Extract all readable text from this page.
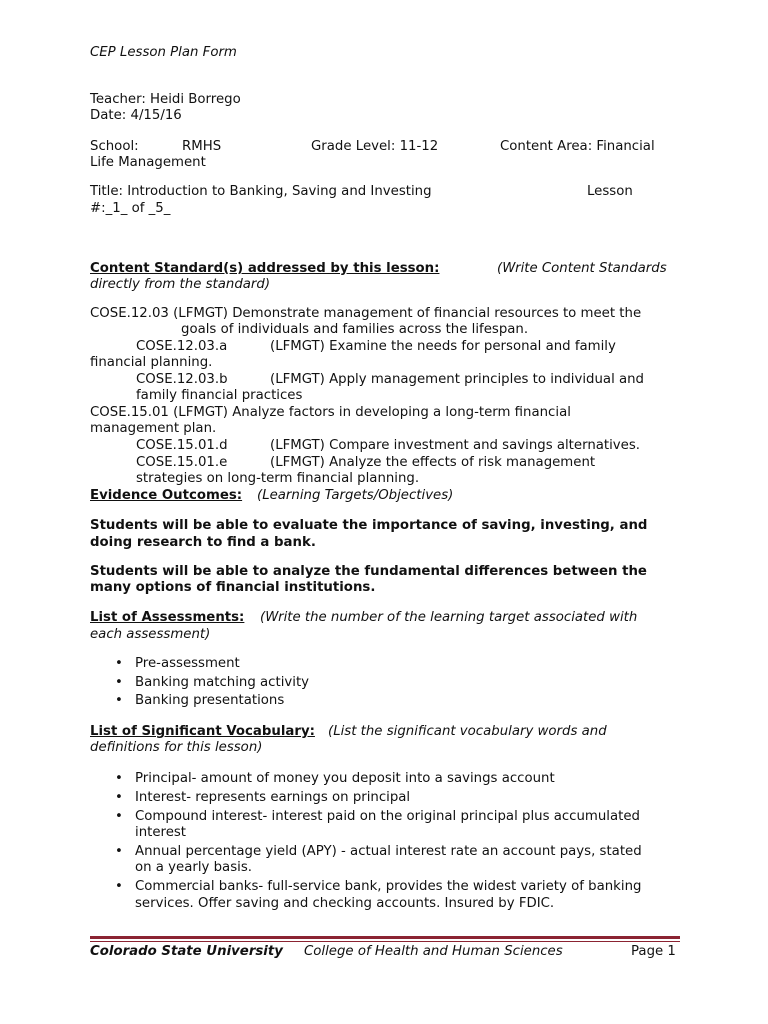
CEP Lesson Plan Form
Teacher: Heidi Borrego
Date: 4/15/16
School:	RMHS	Grade Level: 11-12	Content Area: Financial
Life Management
Title: Introduction to Banking, Saving and Investing	Lesson
#:_1_ of _5_
Content Standard(s) addressed by this lesson:	(Write Content Standards
directly from the standard)
COSE.12.03 (LFMGT) Demonstrate management of financial resources to meet the
goals of individuals and families across the lifespan.
COSE.12.03.a	(LFMGT) Examine the needs for personal and family
financial planning.
COSE.12.03.b	(LFMGT) Apply management principles to individual and
family financial practices
COSE.15.01 (LFMGT) Analyze factors in developing a long-term financial
management plan.
COSE.15.01.d	(LFMGT) Compare investment and savings alternatives.
COSE.15.01.e	(LFMGT) Analyze the effects of risk management
strategies on long-term financial planning.
Evidence Outcomes: (Learning Targets/Objectives)
Students will be able to evaluate the importance of saving, investing, and
doing research to find a bank.
Students will be able to analyze the fundamental differences between the
many options of financial institutions.
List of Assessments: (Write the number of the learning target associated with
each assessment)
• Pre-assessment
• Banking matching activity
• Banking presentations
List of Significant Vocabulary: (List the significant vocabulary words and
definitions for this lesson)
• Principal- amount of money you deposit into a savings account
• Interest- represents earnings on principal
• Compound interest- interest paid on the original principal plus accumulated
interest
• Annual percentage yield (APY) - actual interest rate an account pays, stated
on a yearly basis.
• Commercial banks- full-service bank, provides the widest variety of banking
services. Offer saving and checking accounts. Insured by FDIC.
Colorado State University College of Health and Human Sciences	Page 1
